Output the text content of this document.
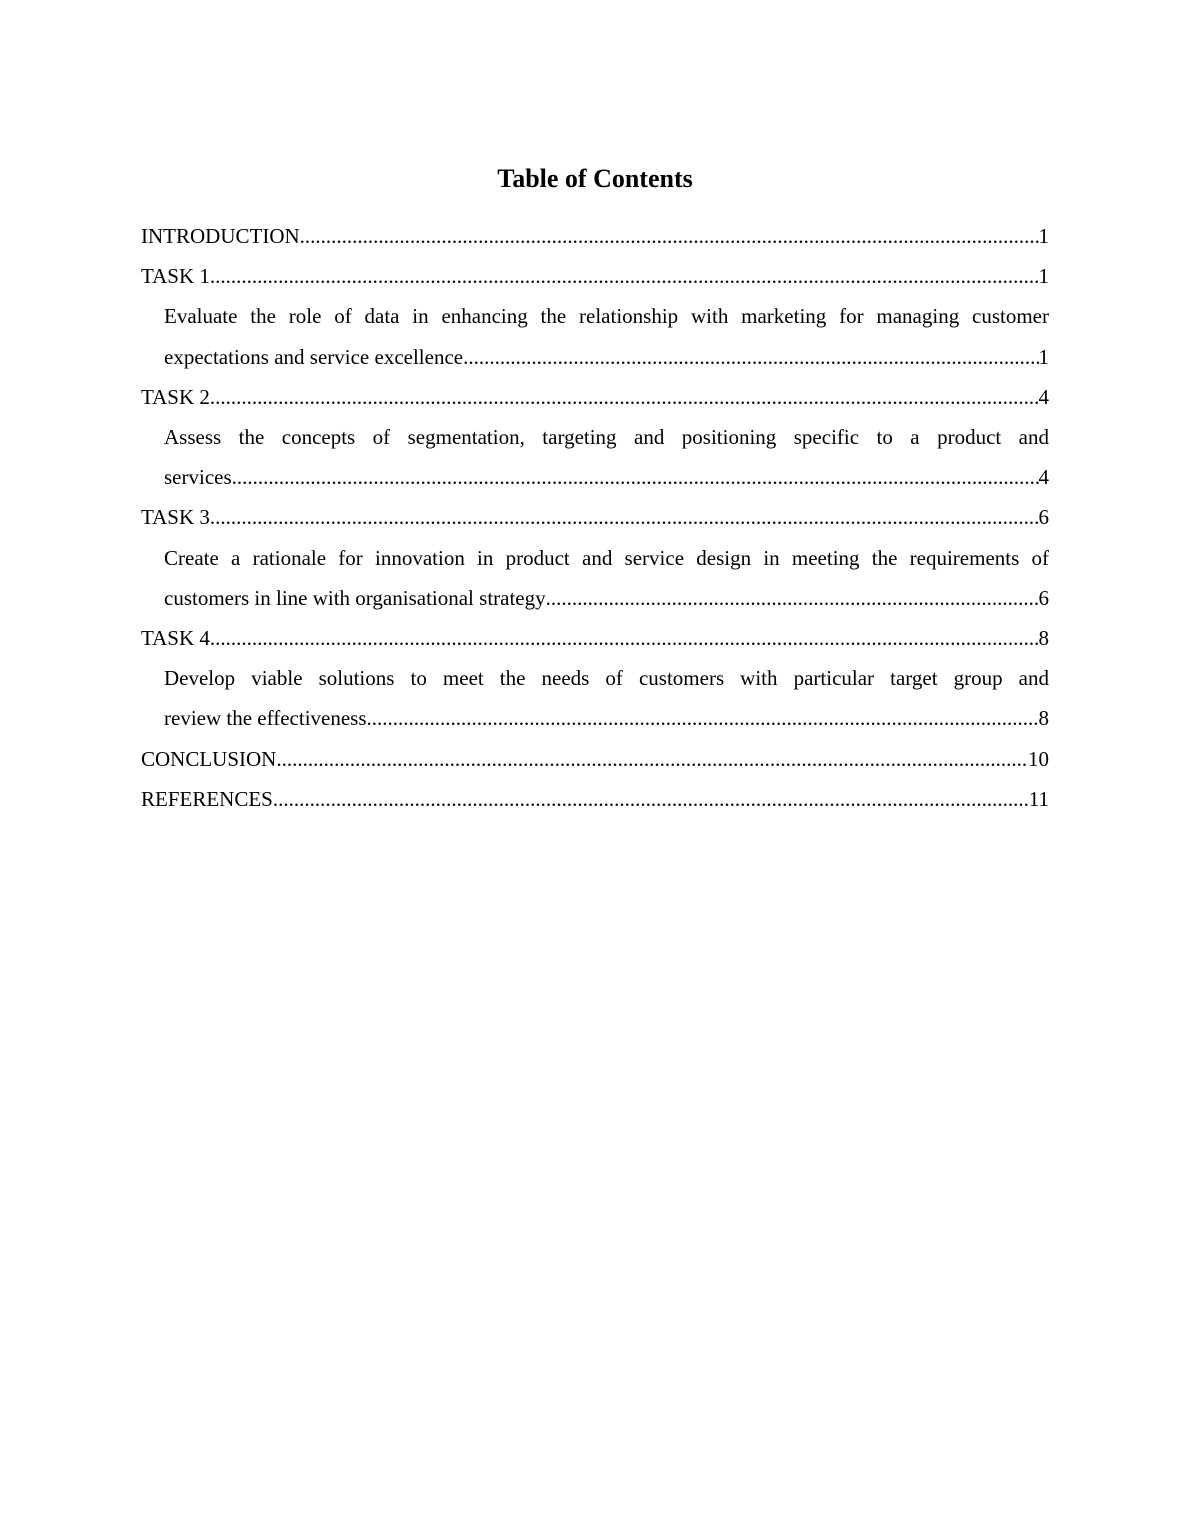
Table of Contents
INTRODUCTION .....	1
TASK 1 .....	1
Evaluate the role of data in enhancing the relationship with marketing for managing customer
expectations and service excellence .....	1
TASK 2 .....	4
Assess the concepts of segmentation, targeting and positioning specific to a product and
services .....	4
TASK 3 .....	6
Create a rationale for innovation in product and service design in meeting the requirements of
customers in line with organisational strategy .....	6
TASK 4 .....	8
Develop viable solutions to meet the needs of customers with particular target group and
review the effectiveness .....	8
CONCLUSION .....	10
REFERENCES .....	11
